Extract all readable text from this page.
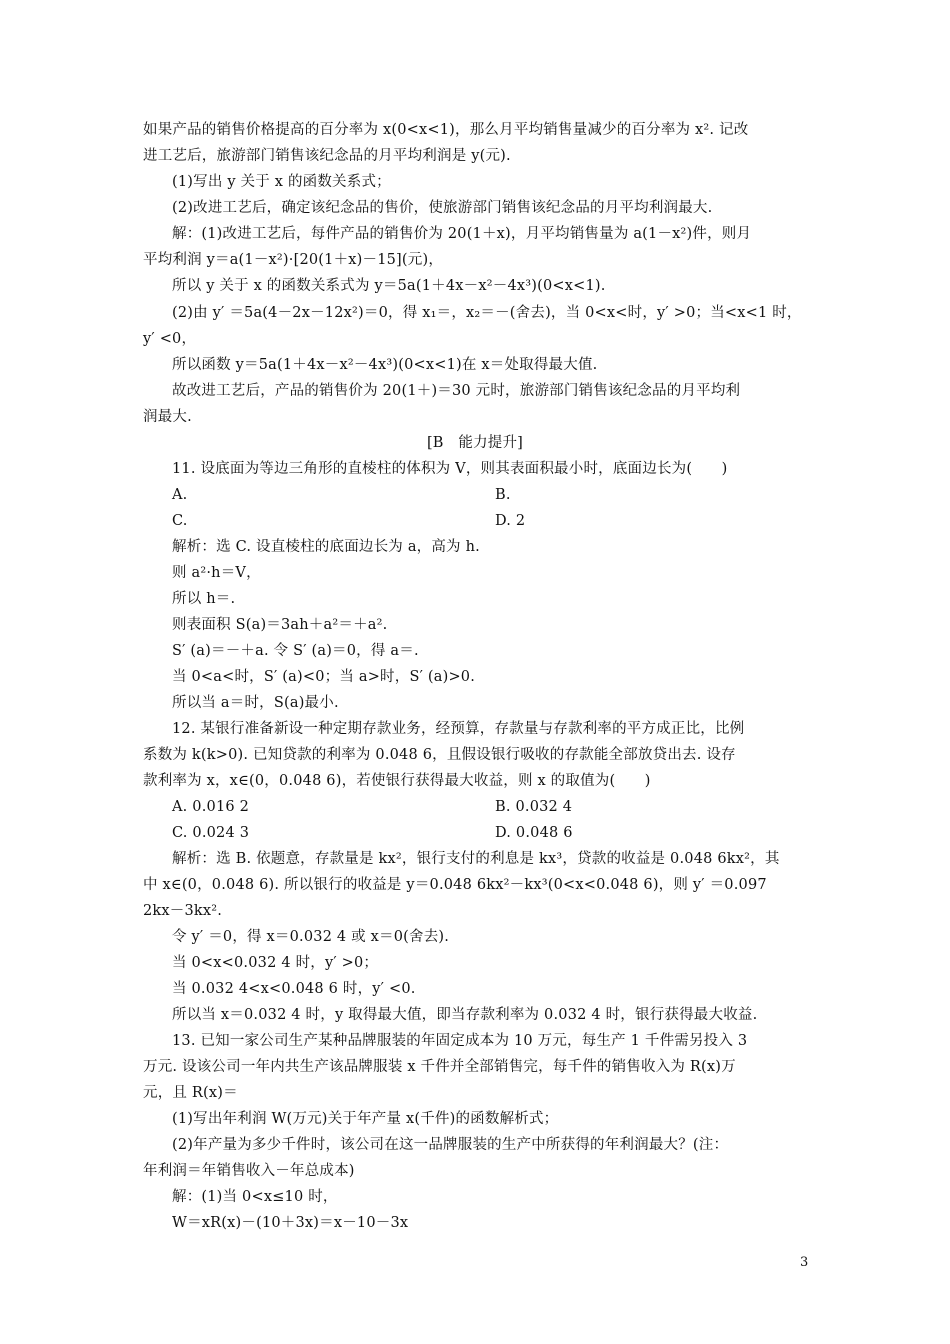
如果产品的销售价格提高的百分率为 x(0<x<1)，那么月平均销售量减少的百分率为 x². 记改
进工艺后，旅游部门销售该纪念品的月平均利润是 y(元).
(1)写出 y 关于 x 的函数关系式；
(2)改进工艺后，确定该纪念品的售价，使旅游部门销售该纪念品的月平均利润最大.
解：(1)改进工艺后，每件产品的销售价为 20(1＋x)，月平均销售量为 a(1－x²)件，则月
平均利润 y＝a(1－x²)·[20(1＋x)－15](元)，
所以 y 关于 x 的函数关系式为 y＝5a(1＋4x－x²－4x³)(0<x<1).
(2)由 y′ ＝5a(4－2x－12x²)＝0，得 x₁＝，x₂＝－(舍去)，当 0<x<时，y′ >0；当<x<1 时，
y′ <0，
所以函数 y＝5a(1＋4x－x²－4x³)(0<x<1)在 x＝处取得最大值.
故改进工艺后，产品的销售价为 20(1＋)＝30 元时，旅游部门销售该纪念品的月平均利
润最大.
[B　能力提升]
11. 设底面为等边三角形的直棱柱的体积为 V，则其表面积最小时，底面边长为(　　)
A.	B.
C.	D. 2
解析：选 C. 设直棱柱的底面边长为 a，高为 h.
则 a²·h＝V，
所以 h＝.
则表面积 S(a)＝3ah＋a²＝＋a².
S′ (a)＝－＋a. 令 S′ (a)＝0，得 a＝.
当 0<a<时，S′ (a)<0；当 a>时，S′ (a)>0.
所以当 a＝时，S(a)最小.
12. 某银行准备新设一种定期存款业务，经预算，存款量与存款利率的平方成正比，比例
系数为 k(k>0). 已知贷款的利率为 0.048 6，且假设银行吸收的存款能全部放贷出去. 设存
款利率为 x，x∈(0，0.048 6)，若使银行获得最大收益，则 x 的取值为(　　)
A. 0.016 2	B. 0.032 4
C. 0.024 3	D. 0.048 6
解析：选 B. 依题意，存款量是 kx²，银行支付的利息是 kx³，贷款的收益是 0.048 6kx²，其
中 x∈(0，0.048 6). 所以银行的收益是 y＝0.048 6kx²－kx³(0<x<0.048 6)，则 y′ ＝0.097
2kx－3kx².
令 y′ ＝0，得 x＝0.032 4 或 x＝0(舍去).
当 0<x<0.032 4 时，y′ >0；
当 0.032 4<x<0.048 6 时，y′ <0.
所以当 x＝0.032 4 时，y 取得最大值，即当存款利率为 0.032 4 时，银行获得最大收益.
13. 已知一家公司生产某种品牌服装的年固定成本为 10 万元，每生产 1 千件需另投入 3
万元. 设该公司一年内共生产该品牌服装 x 千件并全部销售完，每千件的销售收入为 R(x)万
元，且 R(x)＝
(1)写出年利润 W(万元)关于年产量 x(千件)的函数解析式；
(2)年产量为多少千件时，该公司在这一品牌服装的生产中所获得的年利润最大？(注：
年利润＝年销售收入－年总成本)
解：(1)当 0<x≤10 时，
W＝xR(x)－(10＋3x)＝x－10－3x
3
